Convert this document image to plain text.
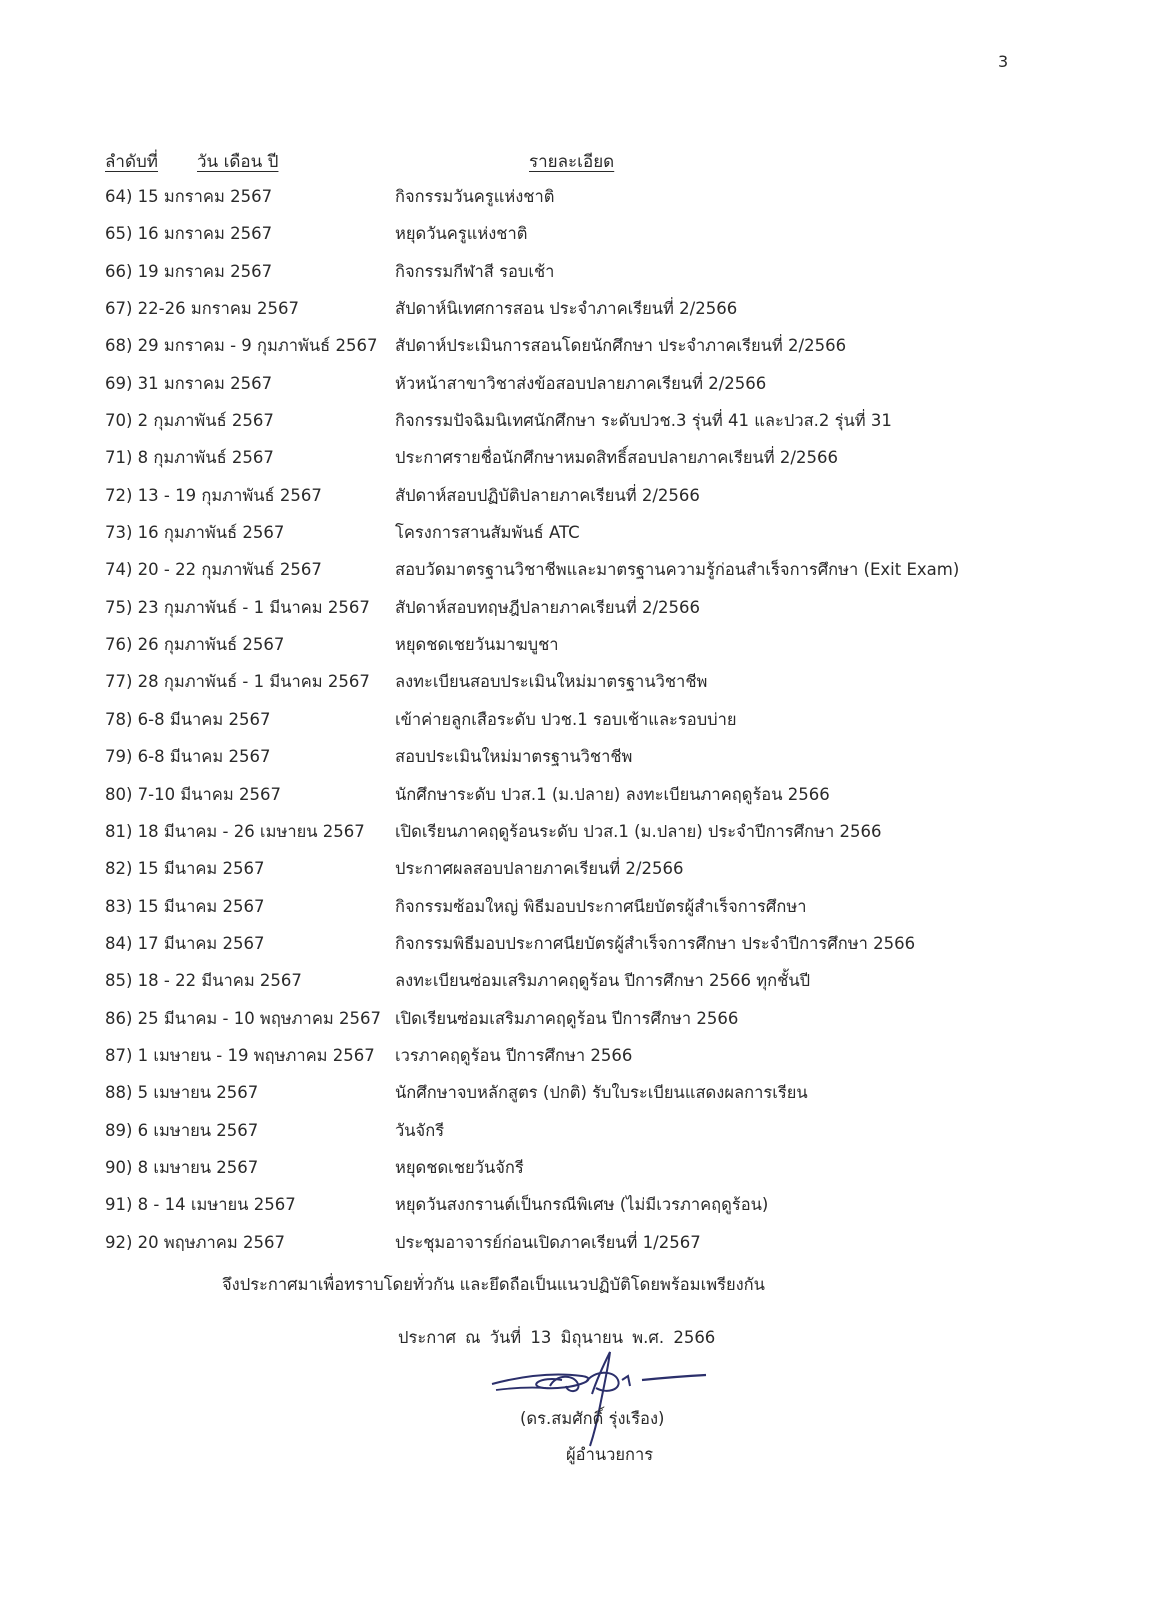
3
ลำดับที่ วัน เดือน ปี	รายละเอียด
64) 15 มกราคม 2567	กิจกรรมวันครูแห่งชาติ
65) 16 มกราคม 2567	หยุดวันครูแห่งชาติ
66) 19 มกราคม 2567	กิจกรรมกีฬาสี รอบเช้า
67) 22-26 มกราคม 2567	สัปดาห์นิเทศการสอน ประจำภาคเรียนที่ 2/2566
68) 29 มกราคม - 9 กุมภาพันธ์ 2567 สัปดาห์ประเมินการสอนโดยนักศึกษา ประจำภาคเรียนที่ 2/2566
69) 31 มกราคม 2567	หัวหน้าสาขาวิชาส่งข้อสอบปลายภาคเรียนที่ 2/2566
70) 2 กุมภาพันธ์ 2567	กิจกรรมปัจฉิมนิเทศนักศึกษา ระดับปวช.3 รุ่นที่ 41 และปวส.2 รุ่นที่ 31
71) 8 กุมภาพันธ์ 2567	ประกาศรายชื่อนักศึกษาหมดสิทธิ์สอบปลายภาคเรียนที่ 2/2566
72) 13 - 19 กุมภาพันธ์ 2567	สัปดาห์สอบปฏิบัติปลายภาคเรียนที่ 2/2566
73) 16 กุมภาพันธ์ 2567	โครงการสานสัมพันธ์ ATC
74) 20 - 22 กุมภาพันธ์ 2567	สอบวัดมาตรฐานวิชาชีพและมาตรฐานความรู้ก่อนสำเร็จการศึกษา (Exit Exam)
75) 23 กุมภาพันธ์ - 1 มีนาคม 2567 สัปดาห์สอบทฤษฎีปลายภาคเรียนที่ 2/2566
76) 26 กุมภาพันธ์ 2567	หยุดชดเชยวันมาฆบูชา
77) 28 กุมภาพันธ์ - 1 มีนาคม 2567 ลงทะเบียนสอบประเมินใหม่มาตรฐานวิชาชีพ
78) 6-8 มีนาคม 2567	เข้าค่ายลูกเสือระดับ ปวช.1 รอบเช้าและรอบบ่าย
79) 6-8 มีนาคม 2567	สอบประเมินใหม่มาตรฐานวิชาชีพ
80) 7-10 มีนาคม 2567	นักศึกษาระดับ ปวส.1 (ม.ปลาย) ลงทะเบียนภาคฤดูร้อน 2566
81) 18 มีนาคม - 26 เมษายน 2567 เปิดเรียนภาคฤดูร้อนระดับ ปวส.1 (ม.ปลาย) ประจำปีการศึกษา 2566
82) 15 มีนาคม 2567	ประกาศผลสอบปลายภาคเรียนที่ 2/2566
83) 15 มีนาคม 2567	กิจกรรมซ้อมใหญ่ พิธีมอบประกาศนียบัตรผู้สำเร็จการศึกษา
84) 17 มีนาคม 2567	กิจกรรมพิธีมอบประกาศนียบัตรผู้สำเร็จการศึกษา ประจำปีการศึกษา 2566
85) 18 - 22 มีนาคม 2567	ลงทะเบียนซ่อมเสริมภาคฤดูร้อน ปีการศึกษา 2566 ทุกชั้นปี
86) 25 มีนาคม - 10 พฤษภาคม 2567 เปิดเรียนซ่อมเสริมภาคฤดูร้อน ปีการศึกษา 2566
87) 1 เมษายน - 19 พฤษภาคม 2567 เวรภาคฤดูร้อน ปีการศึกษา 2566
88) 5 เมษายน 2567	นักศึกษาจบหลักสูตร (ปกติ) รับใบระเบียนแสดงผลการเรียน
89) 6 เมษายน 2567	วันจักรี
90) 8 เมษายน 2567	หยุดชดเชยวันจักรี
91) 8 - 14 เมษายน 2567	หยุดวันสงกรานต์เป็นกรณีพิเศษ (ไม่มีเวรภาคฤดูร้อน)
92) 20 พฤษภาคม 2567	ประชุมอาจารย์ก่อนเปิดภาคเรียนที่ 1/2567
จึงประกาศมาเพื่อทราบโดยทั่วกัน และยึดถือเป็นแนวปฏิบัติโดยพร้อมเพรียงกัน
ประกาศ ณ วันที่ 13 มิถุนายน พ.ศ. 2566
(ดร.สมศักดิ์ รุ่งเรือง)
ผู้อำนวยการ
